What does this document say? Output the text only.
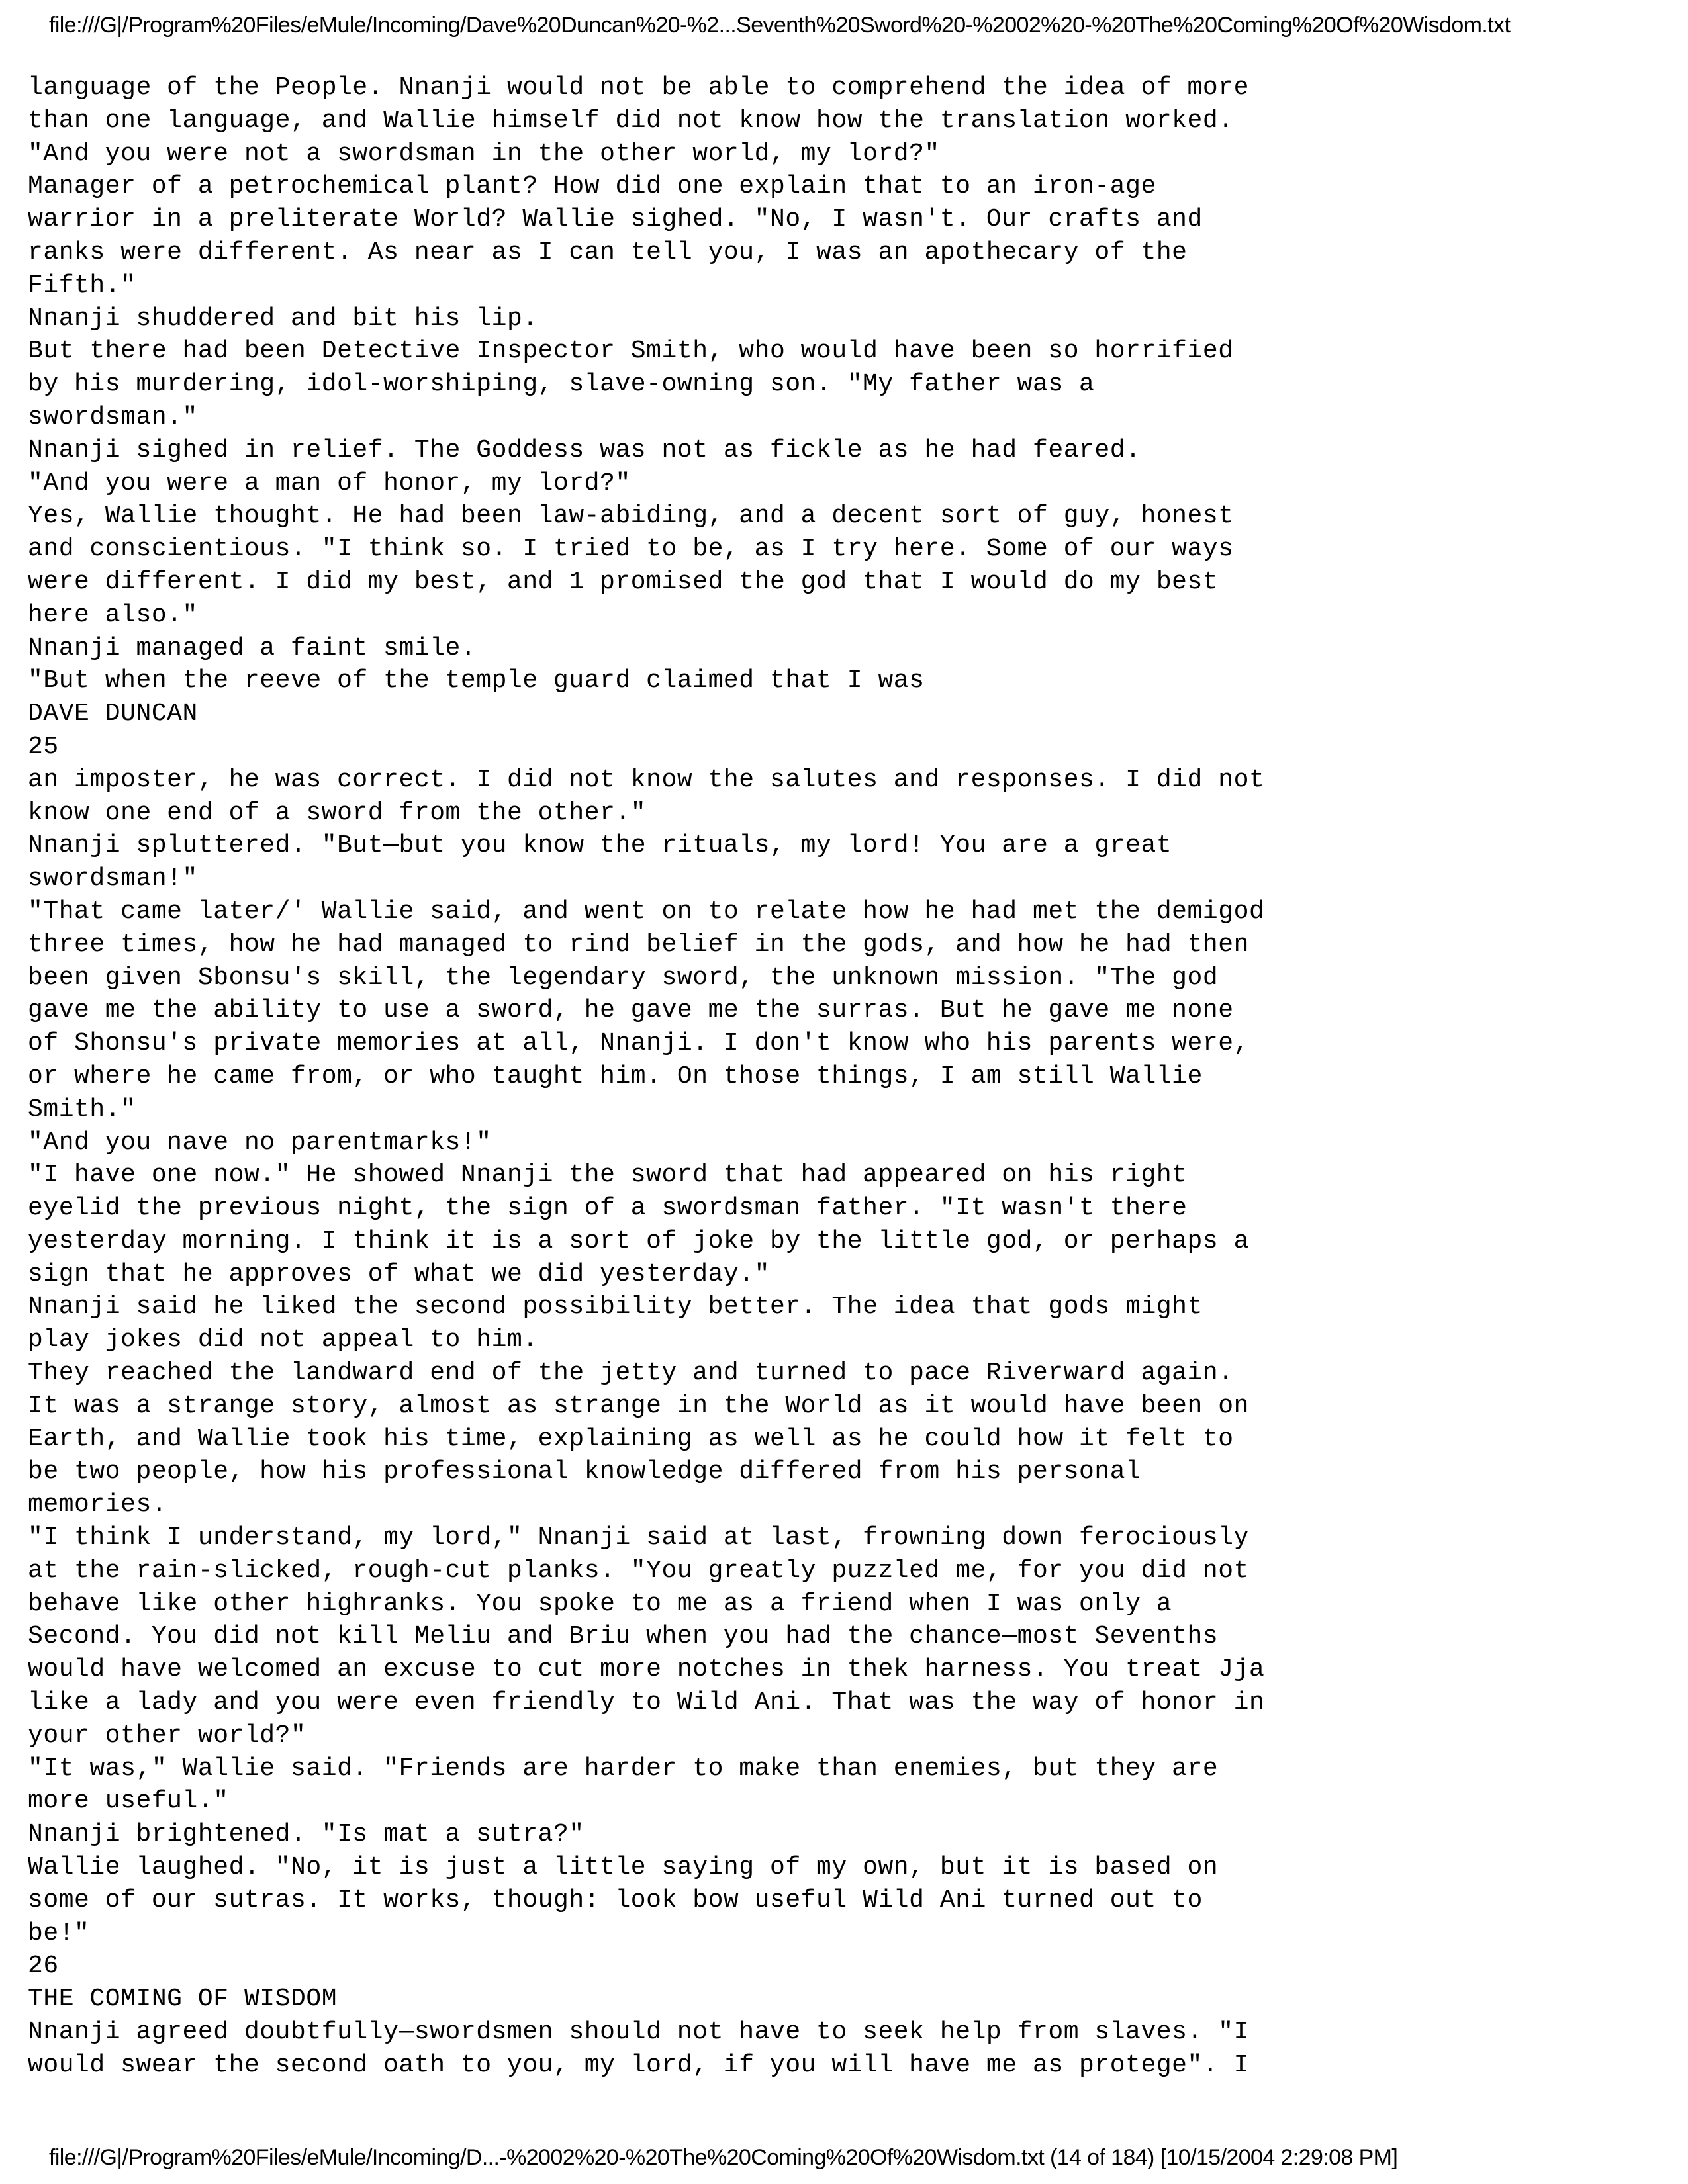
file:///G|/Program%20Files/eMule/Incoming/Dave%20Duncan%20-%2...Seventh%20Sword%20-%2002%20-%20The%20Coming%20Of%20Wisdom.txt
language of the People. Nnanji would not be able to comprehend the idea of more
than one language, and Wallie himself did not know how the translation worked.
"And you were not a swordsman in the other world, my lord?"
Manager of a petrochemical plant? How did one explain that to an iron-age
warrior in a preliterate World? Wallie sighed. "No, I wasn't. Our crafts and
ranks were different. As near as I can tell you, I was an apothecary of the
Fifth."
Nnanji shuddered and bit his lip.
But there had been Detective Inspector Smith, who would have been so horrified
by his murdering, idol-worshiping, slave-owning son. "My father was a
swordsman."
Nnanji sighed in relief. The Goddess was not as fickle as he had feared.
"And you were a man of honor, my lord?"
Yes, Wallie thought. He had been law-abiding, and a decent sort of guy, honest
and conscientious. "I think so. I tried to be, as I try here. Some of our ways
were different. I did my best, and 1 promised the god that I would do my best
here also."
Nnanji managed a faint smile.
"But when the reeve of the temple guard claimed that I was
DAVE DUNCAN
25
an imposter, he was correct. I did not know the salutes and responses. I did not
know one end of a sword from the other."
Nnanji spluttered. "But—but you know the rituals, my lord! You are a great
swordsman!"
"That came later/' Wallie said, and went on to relate how he had met the demigod
three times, how he had managed to rind belief in the gods, and how he had then
been given Sbonsu's skill, the legendary sword, the unknown mission. "The god
gave me the ability to use a sword, he gave me the surras. But he gave me none
of Shonsu's private memories at all, Nnanji. I don't know who his parents were,
or where he came from, or who taught him. On those things, I am still Wallie
Smith."
"And you nave no parentmarks!"
"I have one now." He showed Nnanji the sword that had appeared on his right
eyelid the previous night, the sign of a swordsman father. "It wasn't there
yesterday morning. I think it is a sort of joke by the little god, or perhaps a
sign that he approves of what we did yesterday."
Nnanji said he liked the second possibility better. The idea that gods might
play jokes did not appeal to him.
They reached the landward end of the jetty and turned to pace Riverward again.
It was a strange story, almost as strange in the World as it would have been on
Earth, and Wallie took his time, explaining as well as he could how it felt to
be two people, how his professional knowledge differed from his personal
memories.
"I think I understand, my lord," Nnanji said at last, frowning down ferociously
at the rain-slicked, rough-cut planks. "You greatly puzzled me, for you did not
behave like other highranks. You spoke to me as a friend when I was only a
Second. You did not kill Meliu and Briu when you had the chance—most Sevenths
would have welcomed an excuse to cut more notches in thek harness. You treat Jja
like a lady and you were even friendly to Wild Ani. That was the way of honor in
your other world?"
"It was," Wallie said. "Friends are harder to make than enemies, but they are
more useful."
Nnanji brightened. "Is mat a sutra?"
Wallie laughed. "No, it is just a little saying of my own, but it is based on
some of our sutras. It works, though: look bow useful Wild Ani turned out to
be!"
26
THE COMING OF WISDOM
Nnanji agreed doubtfully—swordsmen should not have to seek help from slaves. "I
would swear the second oath to you, my lord, if you will have me as protege". I
file:///G|/Program%20Files/eMule/Incoming/D...-%2002%20-%20The%20Coming%20Of%20Wisdom.txt (14 of 184) [10/15/2004 2:29:08 PM]
